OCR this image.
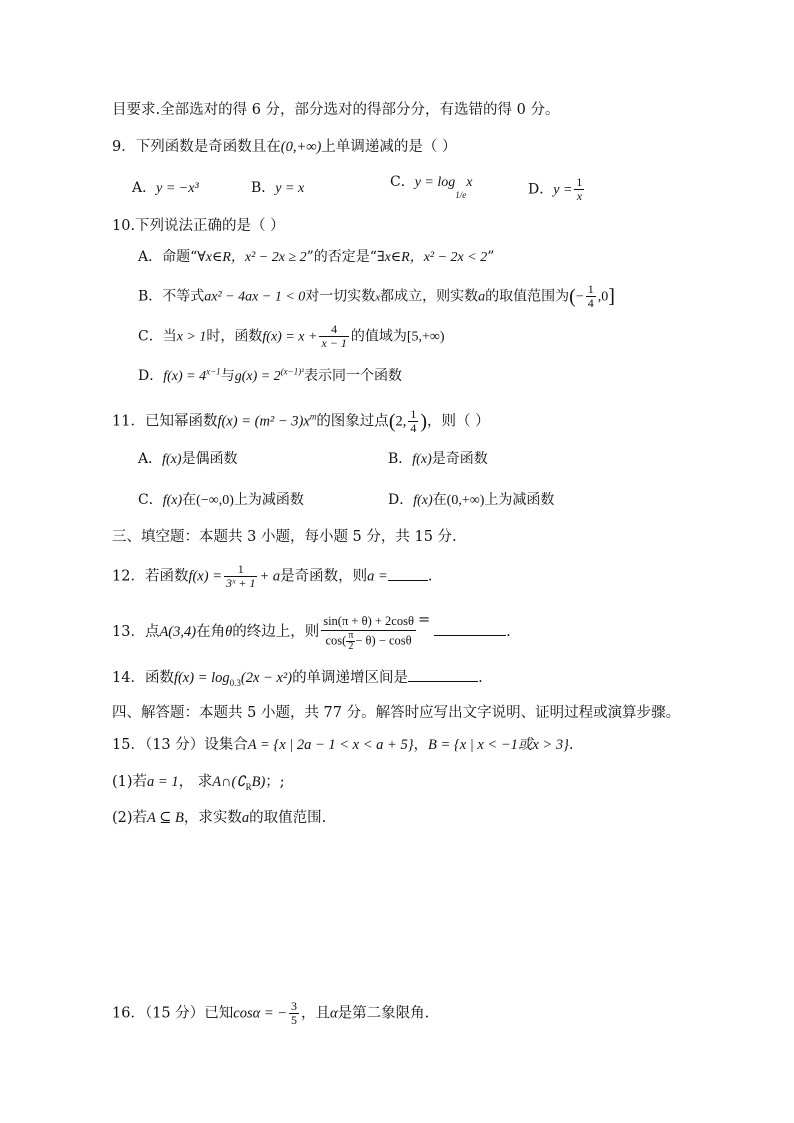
目要求.全部选对的得 6 分，部分选对的得部分分，有选错的得 0 分。
9．下列函数是奇函数且在(0,+∞)上单调递减的是（ ）
A．y = −x³	B．y = x	C．$y = \log_{1/e}x$	D．$y = \frac{1}{x}$
10.下列说法正确的是（ ）
A．命题“∀x∈R，x² − 2x ≥ 2”的否定是“∃x∈R，x² − 2x < 2”
B．不等式ax² − 4ax − 1 < 0对一切实数x都成立，则实数a的取值范围为(− $\frac{1}{4} ,0$]
C．当x > 1时，函数$f(x) = x + \frac{4}{x - 1}$ 的值域为[5,+∞)
D．$f(x) = 4^{x-1}$与$g(x) = 2^{(x-1)^2}$表示同一个函数
11．已知幂函数$f(x) = (m^2 - 3)x^m$的图象过点(2, $\frac{1}{4}$ )，则（ ）
A．f(x)是偶函数	B．f(x)是奇函数
C．f(x)在(−∞,0)上为减函数	D．f(x)在(0,+∞)上为减函数
三、填空题：本题共 3 小题，每小题 5 分，共 15 分.
12．若函数$f(x) = \frac{1}{\text{3ˣ + 1}} + a$是奇函数，则a =	.
13．点A(3,4)在角θ的终边上，则 $\frac{\sin(\pi + \theta) + 2\cos\theta}{\cos( \frac{\pi}{2} - \theta) - \cos\theta}$ =.
14．函数$f(x) = \log_{0.3}(2x - x^2)$的单调递增区间是	.
四、解答题：本题共 5 小题，共 77 分。解答时应写出文字说明、证明过程或演算步骤。
15．（13 分）设集合A = {x | 2a − 1 < x < a + 5}，B = {x | x < −1或x > 3}.
(1)若a = 1， 求$A\cap(∁_RB)$；;
(2)若A ⊆ B，求实数a的取值范围.
16．（15 分）已知cosα = − $\frac{3}{5}$ ，且α是第二象限角.
